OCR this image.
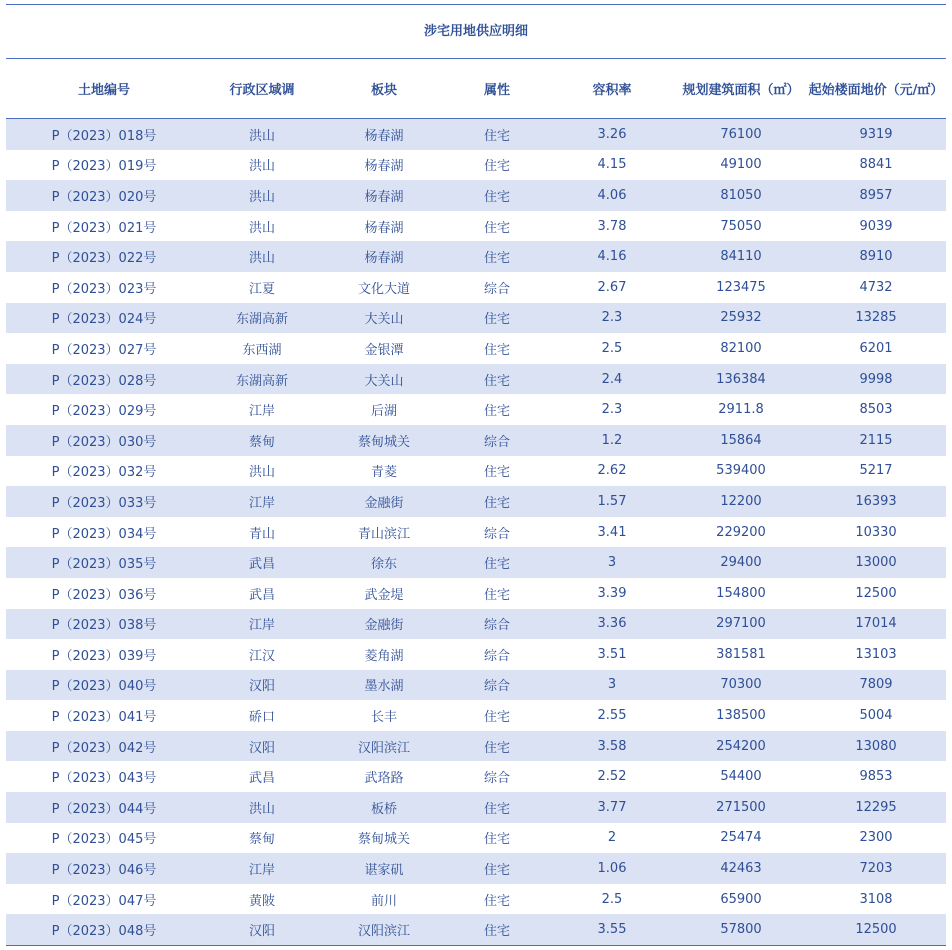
涉宅用地供应明细
土地编号	行政区域调	板块	属性	容积率	规划建筑面积（㎡）	起始楼面地价（元/㎡）
P（2023）018号	洪山	杨春湖	住宅	3.26	76100	9319
P（2023）019号	洪山	杨春湖	住宅	4.15	49100	8841
P（2023）020号	洪山	杨春湖	住宅	4.06	81050	8957
P（2023）021号	洪山	杨春湖	住宅	3.78	75050	9039
P（2023）022号	洪山	杨春湖	住宅	4.16	84110	8910
P（2023）023号	江夏	文化大道	综合	2.67	123475	4732
P（2023）024号	东湖高新	大关山	住宅	2.3	25932	13285
P（2023）027号	东西湖	金银潭	住宅	2.5	82100	6201
P（2023）028号	东湖高新	大关山	住宅	2.4	136384	9998
P（2023）029号	江岸	后湖	住宅	2.3	2911.8	8503
P（2023）030号	蔡甸	蔡甸城关	综合	1.2	15864	2115
P（2023）032号	洪山	青菱	住宅	2.62	539400	5217
P（2023）033号	江岸	金融街	住宅	1.57	12200	16393
P（2023）034号	青山	青山滨江	综合	3.41	229200	10330
P（2023）035号	武昌	徐东	住宅	3	29400	13000
P（2023）036号	武昌	武金堤	住宅	3.39	154800	12500
P（2023）038号	江岸	金融街	综合	3.36	297100	17014
P（2023）039号	江汉	菱角湖	综合	3.51	381581	13103
P（2023）040号	汉阳	墨水湖	综合	3	70300	7809
P（2023）041号	硚口	长丰	住宅	2.55	138500	5004
P（2023）042号	汉阳	汉阳滨江	住宅	3.58	254200	13080
P（2023）043号	武昌	武珞路	综合	2.52	54400	9853
P（2023）044号	洪山	板桥	住宅	3.77	271500	12295
P（2023）045号	蔡甸	蔡甸城关	住宅	2	25474	2300
P（2023）046号	江岸	谌家矶	住宅	1.06	42463	7203
P（2023）047号	黄陂	前川	住宅	2.5	65900	3108
P（2023）048号	汉阳	汉阳滨江	住宅	3.55	57800	12500
